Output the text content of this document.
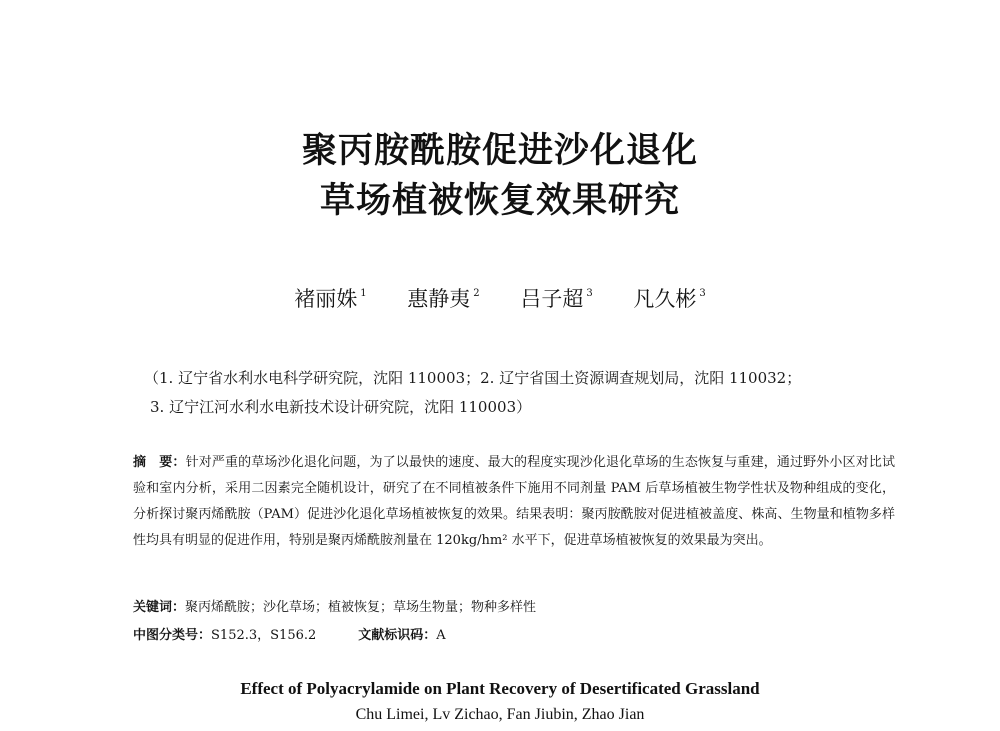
聚丙胺酰胺促进沙化退化
草场植被恢复效果研究
褚丽姝 $^1$ 惠静夷 $^2$ 吕子超 $^3$ 凡久彬 $^3$
（1. 辽宁省水利水电科学研究院，沈阳 110003；2. 辽宁省国土资源调查规划局，沈阳 110032；
3. 辽宁江河水利水电新技术设计研究院，沈阳 110003）
摘　要：针对严重的草场沙化退化问题，为了以最快的速度、最大的程度实现沙化退化草场的生态恢复与重建，通过野外小区对比试验和室内分析，采用二因素完全随机设计，研究了在不同植被条件下施用不同剂量 PAM 后草场植被生物学性状及物种组成的变化，分析探讨聚丙烯酰胺（PAM）促进沙化退化草场植被恢复的效果。结果表明：聚丙胺酰胺对促进植被盖度、株高、生物量和植物多样性均具有明显的促进作用，特别是聚丙烯酰胺剂量在 120kg/hm² 水平下，促进草场植被恢复的效果最为突出。
关键词：聚丙烯酰胺；沙化草场；植被恢复；草场生物量；物种多样性
中图分类号：S152.3，S156.2	文献标识码：A
Effect of Polyacrylamide on Plant Recovery of Desertificated Grassland
Chu Limei, Lv Zichao, Fan Jiubin, Zhao Jian
